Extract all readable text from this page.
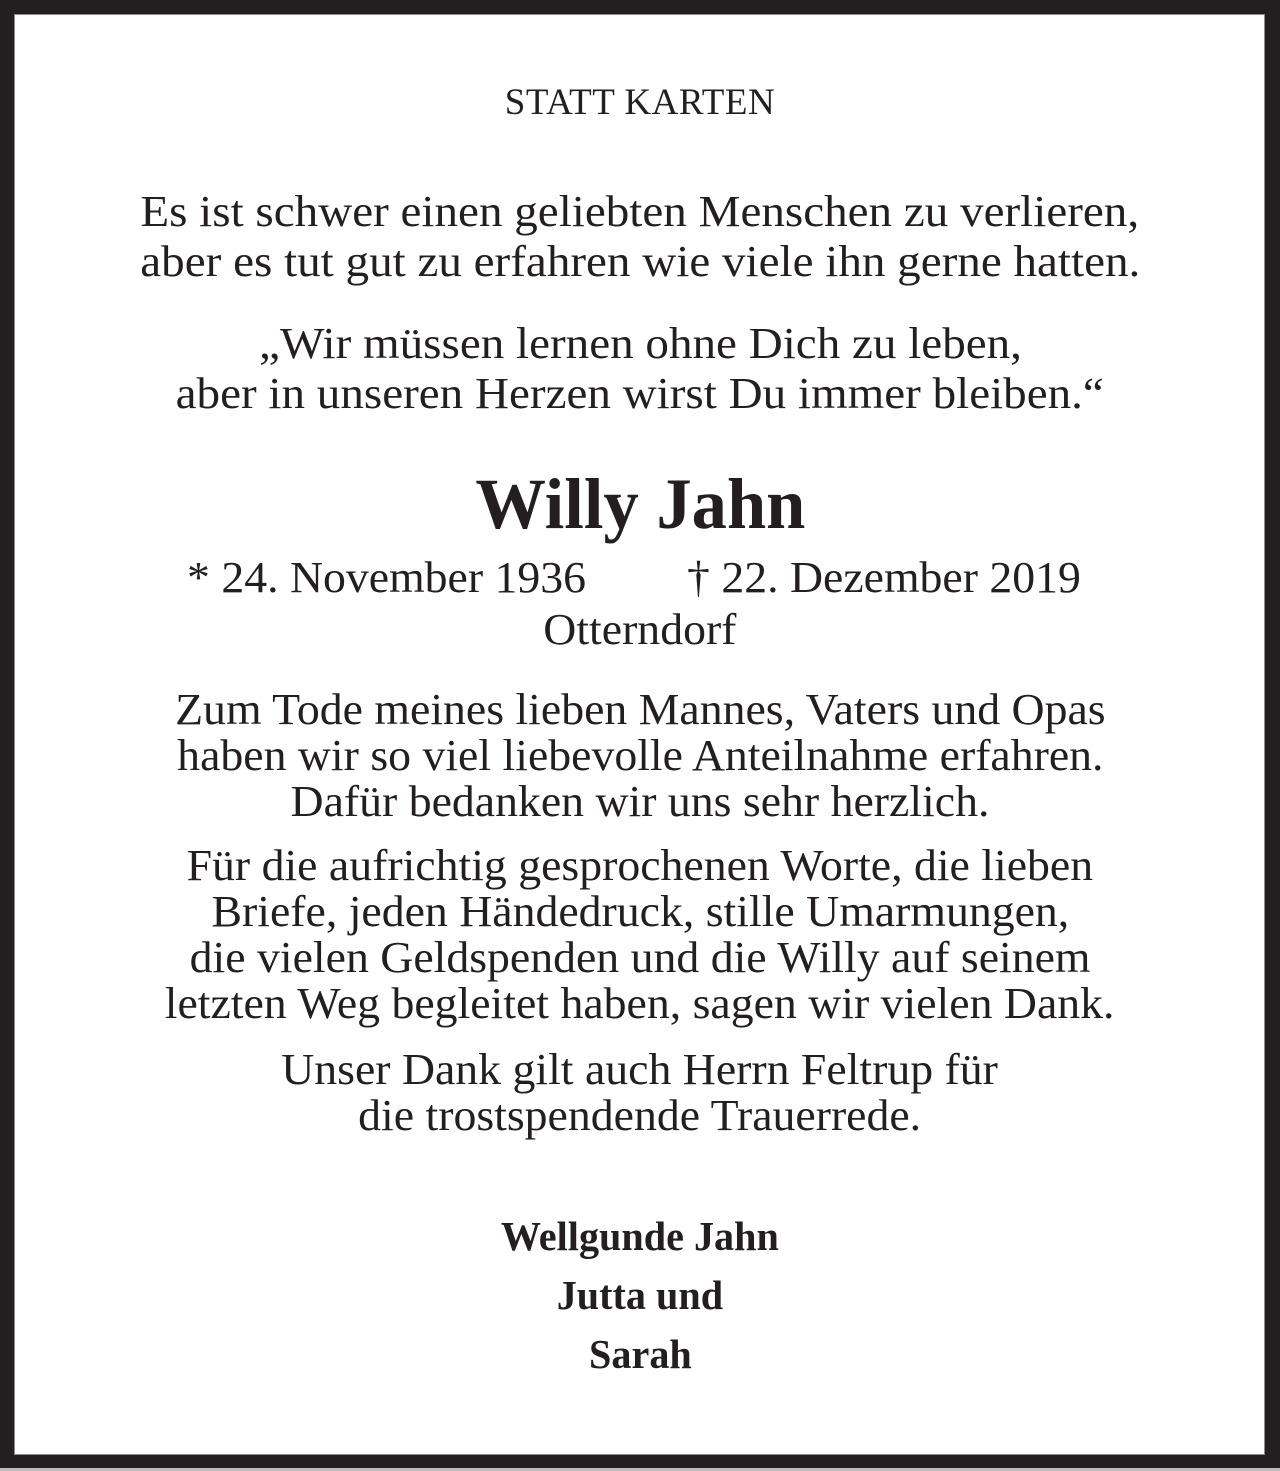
STATT KARTEN
Es ist schwer einen geliebten Menschen zu verlieren,
aber es tut gut zu erfahren wie viele ihn gerne hatten.
„Wir müssen lernen ohne Dich zu leben,
aber in unseren Herzen wirst Du immer bleiben.“
Willy Jahn
* 24. November 1936 † 22. Dezember 2019
Otterndorf
Zum Tode meines lieben Mannes, Vaters und Opas
haben wir so viel liebevolle Anteilnahme erfahren.
Dafür bedanken wir uns sehr herzlich.
Für die aufrichtig gesprochenen Worte, die lieben
Briefe, jeden Händedruck, stille Umarmungen,
die vielen Geldspenden und die Willy auf seinem
letzten Weg begleitet haben, sagen wir vielen Dank.
Unser Dank gilt auch Herrn Feltrup für
die trostspendende Trauerrede.
Wellgunde Jahn
Jutta und
Sarah
